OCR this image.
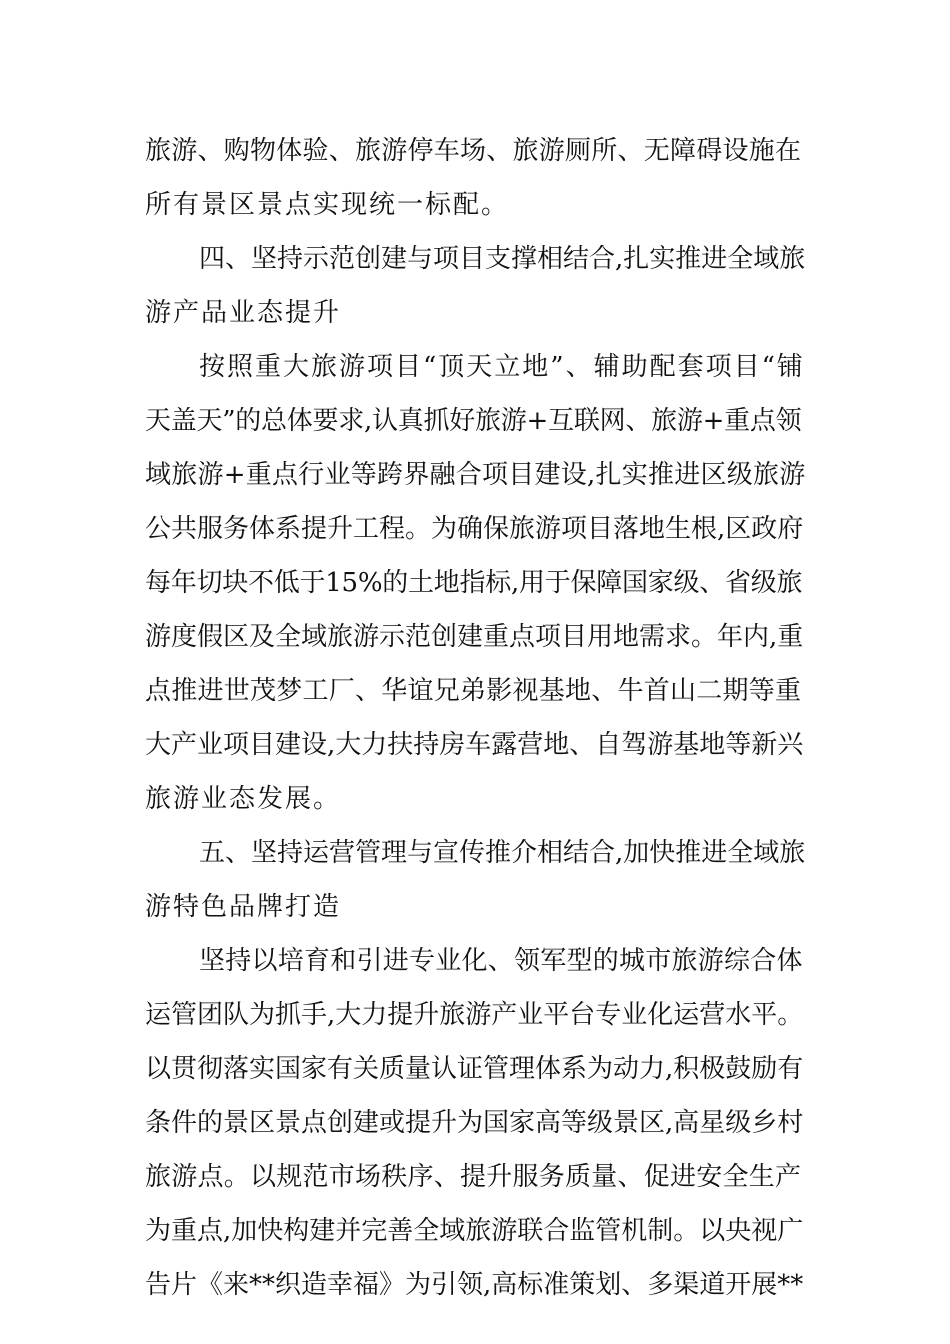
旅游、购物体验、旅游停车场、旅游厕所、无障碍设施在
所有景区景点实现统一标配。
四、坚持示范创建与项目支撑相结合,扎实推进全域旅
游产品业态提升
按照重大旅游项目“顶天立地”、辅助配套项目“铺
天盖天”的总体要求,认真抓好旅游+互联网、旅游+重点领
域旅游+重点行业等跨界融合项目建设,扎实推进区级旅游
公共服务体系提升工程。为确保旅游项目落地生根,区政府
每年切块不低于15%的土地指标,用于保障国家级、省级旅
游度假区及全域旅游示范创建重点项目用地需求。年内,重
点推进世茂梦工厂、华谊兄弟影视基地、牛首山二期等重
大产业项目建设,大力扶持房车露营地、自驾游基地等新兴
旅游业态发展。
五、坚持运营管理与宣传推介相结合,加快推进全域旅
游特色品牌打造
坚持以培育和引进专业化、领军型的城市旅游综合体
运管团队为抓手,大力提升旅游产业平台专业化运营水平。
以贯彻落实国家有关质量认证管理体系为动力,积极鼓励有
条件的景区景点创建或提升为国家高等级景区,高星级乡村
旅游点。以规范市场秩序、提升服务质量、促进安全生产
为重点,加快构建并完善全域旅游联合监管机制。以央视广
告片《来**织造幸福》为引领,高标准策划、多渠道开展**
